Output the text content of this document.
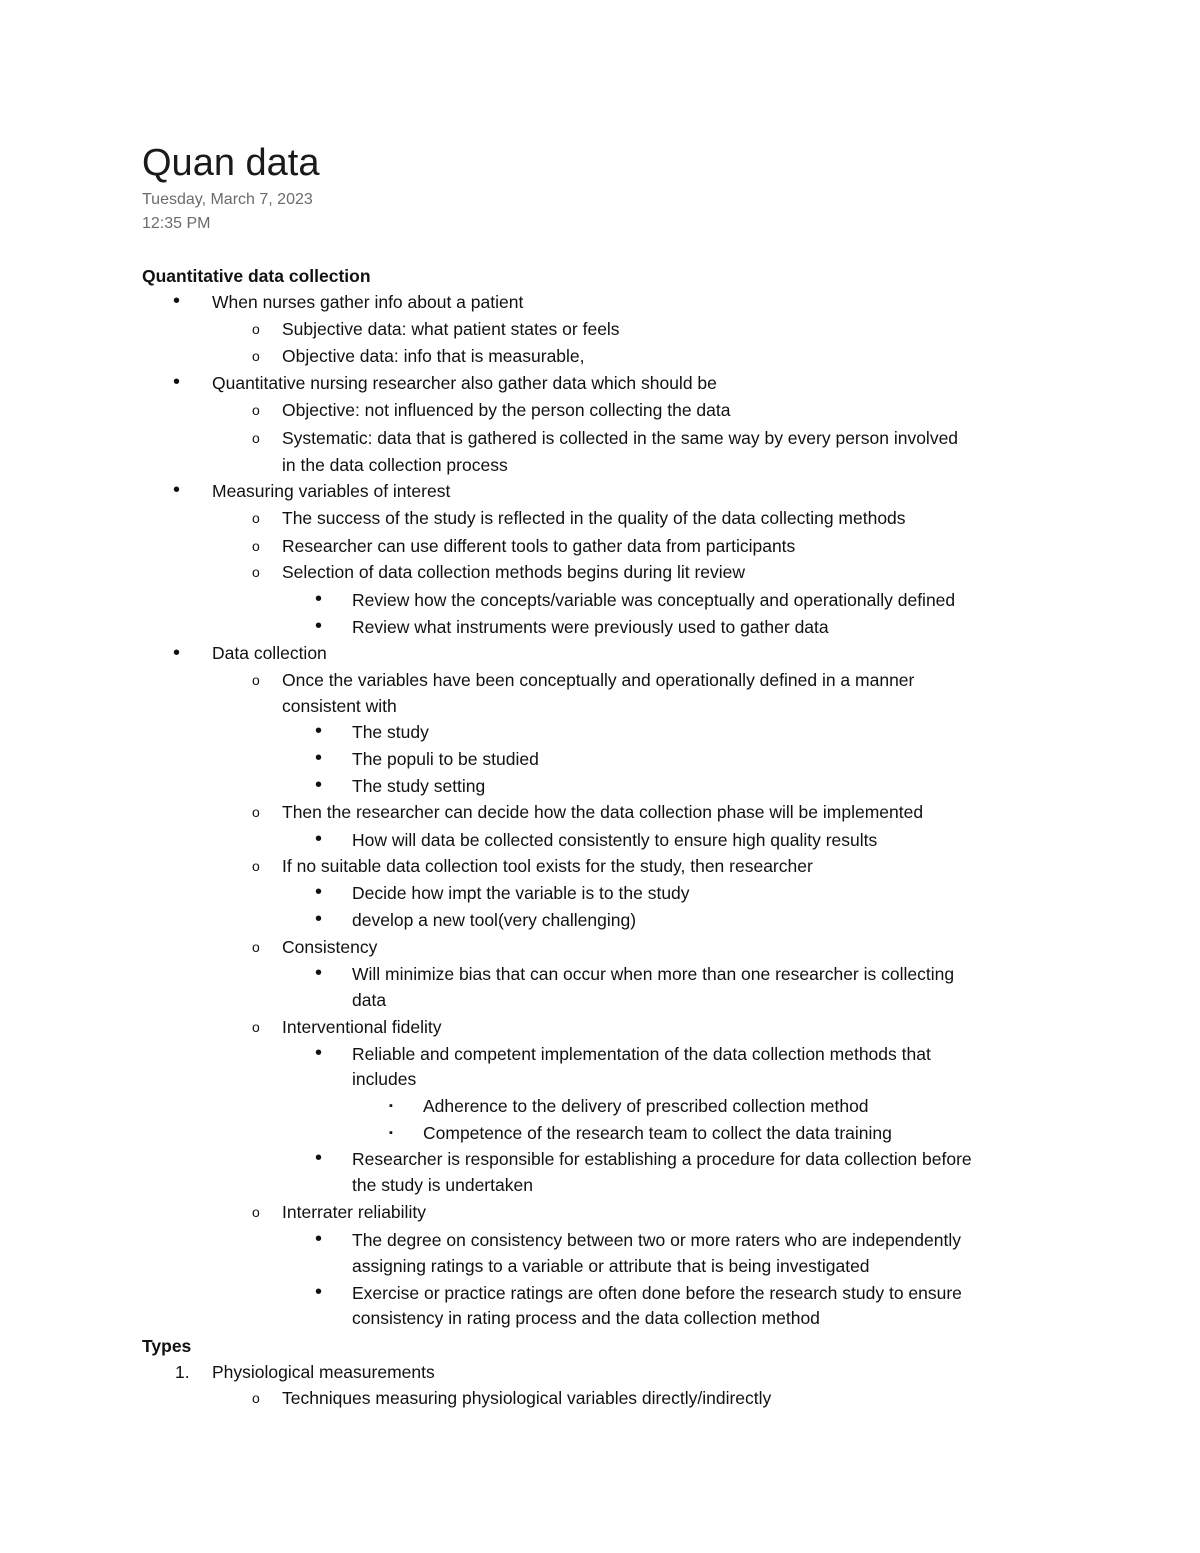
Quan data
Tuesday, March 7, 2023
12:35 PM
Quantitative data collection
• When nurses gather info about a patient
o Subjective data: what patient states or feels
o Objective data: info that is measurable,
• Quantitative nursing researcher also gather data which should be
o Objective: not influenced by the person collecting the data
o Systematic: data that is gathered is collected in the same way by every person involved
in the data collection process
• Measuring variables of interest
o The success of the study is reflected in the quality of the data collecting methods
o Researcher can use different tools to gather data from participants
o Selection of data collection methods begins during lit review
• Review how the concepts/variable was conceptually and operationally defined
• Review what instruments were previously used to gather data
• Data collection
o Once the variables have been conceptually and operationally defined in a manner
consistent with
• The study
• The populi to be studied
• The study setting
o Then the researcher can decide how the data collection phase will be implemented
• How will data be collected consistently to ensure high quality results
o If no suitable data collection tool exists for the study, then researcher
• Decide how impt the variable is to the study
• develop a new tool(very challenging)
o Consistency
• Will minimize bias that can occur when more than one researcher is collecting
data
o Interventional fidelity
• Reliable and competent implementation of the data collection methods that
includes
▪ Adherence to the delivery of prescribed collection method
▪ Competence of the research team to collect the data training
• Researcher is responsible for establishing a procedure for data collection before
the study is undertaken
o Interrater reliability
• The degree on consistency between two or more raters who are independently
assigning ratings to a variable or attribute that is being investigated
• Exercise or practice ratings are often done before the research study to ensure
consistency in rating process and the data collection method
Types
1. Physiological measurements
o Techniques measuring physiological variables directly/indirectly
